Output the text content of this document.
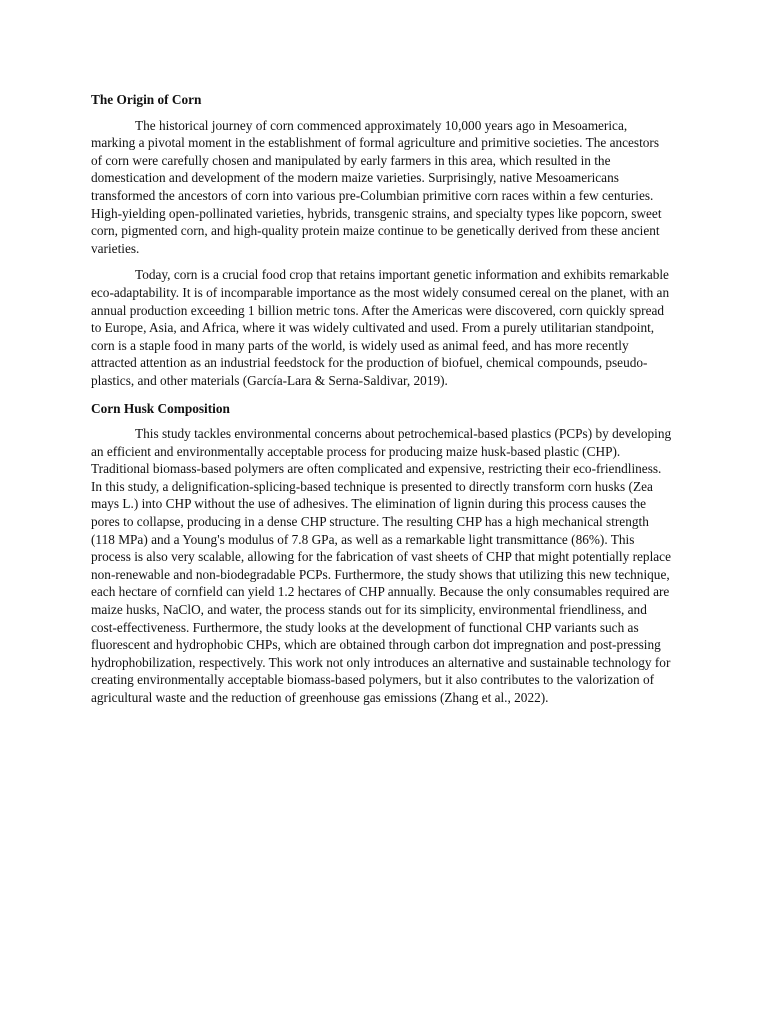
The Origin of Corn

The historical journey of corn commenced approximately 10,000 years ago in Mesoamerica, marking a pivotal moment in the establishment of formal agriculture and primitive societies. The ancestors of corn were carefully chosen and manipulated by early farmers in this area, which resulted in the domestication and development of the modern maize varieties. Surprisingly, native Mesoamericans transformed the ancestors of corn into various pre-Columbian primitive corn races within a few centuries. High-yielding open-pollinated varieties, hybrids, transgenic strains, and specialty types like popcorn, sweet corn, pigmented corn, and high-quality protein maize continue to be genetically derived from these ancient varieties.

Today, corn is a crucial food crop that retains important genetic information and exhibits remarkable eco-adaptability. It is of incomparable importance as the most widely consumed cereal on the planet, with an annual production exceeding 1 billion metric tons. After the Americas were discovered, corn quickly spread to Europe, Asia, and Africa, where it was widely cultivated and used. From a purely utilitarian standpoint, corn is a staple food in many parts of the world, is widely used as animal feed, and has more recently attracted attention as an industrial feedstock for the production of biofuel, chemical compounds, pseudo-plastics, and other materials (García-Lara & Serna-Saldivar, 2019).

Corn Husk Composition

This study tackles environmental concerns about petrochemical-based plastics (PCPs) by developing an efficient and environmentally acceptable process for producing maize husk-based plastic (CHP). Traditional biomass-based polymers are often complicated and expensive, restricting their eco-friendliness. In this study, a delignification-splicing-based technique is presented to directly transform corn husks (Zea mays L.) into CHP without the use of adhesives. The elimination of lignin during this process causes the pores to collapse, producing in a dense CHP structure. The resulting CHP has a high mechanical strength (118 MPa) and a Young's modulus of 7.8 GPa, as well as a remarkable light transmittance (86%). This process is also very scalable, allowing for the fabrication of vast sheets of CHP that might potentially replace non-renewable and non-biodegradable PCPs. Furthermore, the study shows that utilizing this new technique, each hectare of cornfield can yield 1.2 hectares of CHP annually. Because the only consumables required are maize husks, NaClO, and water, the process stands out for its simplicity, environmental friendliness, and cost-effectiveness. Furthermore, the study looks at the development of functional CHP variants such as fluorescent and hydrophobic CHPs, which are obtained through carbon dot impregnation and post-pressing hydrophobilization, respectively. This work not only introduces an alternative and sustainable technology for creating environmentally acceptable biomass-based polymers, but it also contributes to the valorization of agricultural waste and the reduction of greenhouse gas emissions (Zhang et al., 2022).
